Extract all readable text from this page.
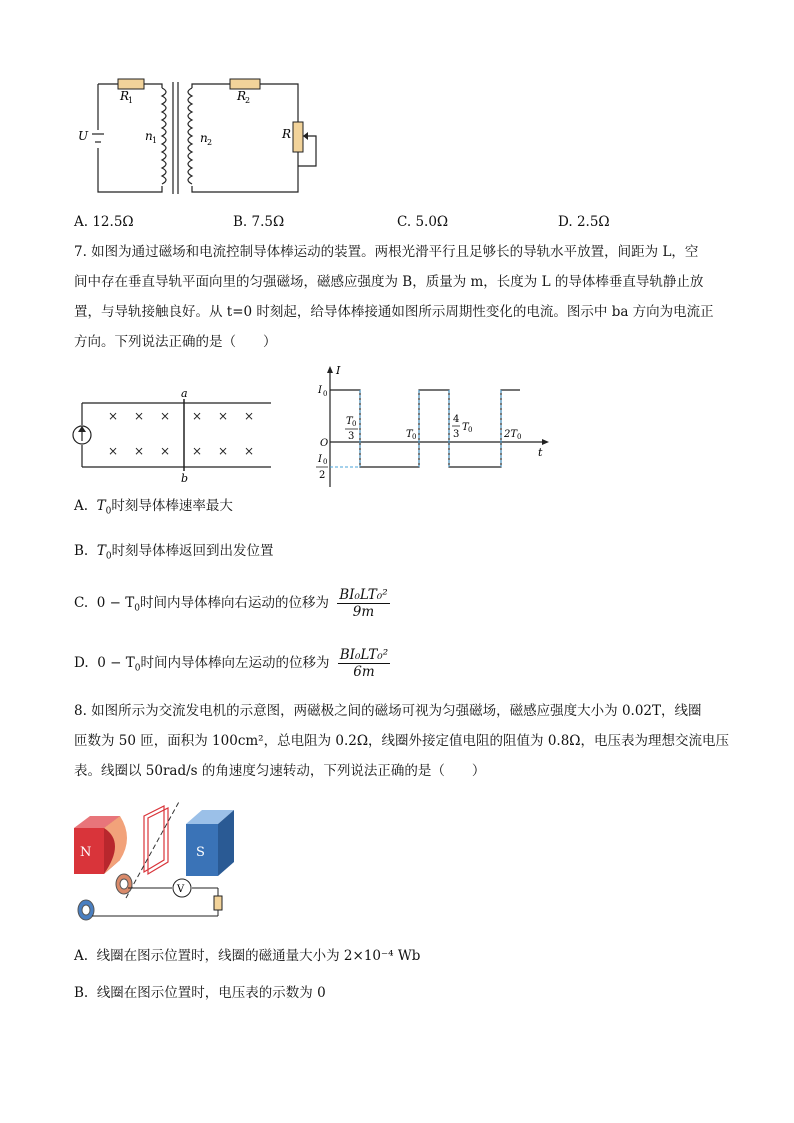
R
1	R
2
U	n 1	n 2
R
A. 12.5Ω	B. 7.5Ω	C. 5.0Ω	D. 2.5Ω
7. 如图为通过磁场和电流控制导体棒运动的装置。两根光滑平行且足够长的导轨水平放置，间距为 L，空
间中存在垂直导轨平面向里的匀强磁场，磁感应强度为 B，质量为 m，长度为 L 的导体棒垂直导轨静止放
置，与导轨接触良好。从 t=0 时刻起，给导体棒接通如图所示周期性变化的电流。图示中 ba 方向为电流正
方向。下列说法正确的是（　　）
× × × × × ×
× × × × × ×
a
b
I
I 0
O
t
T 0
3	T 0
4
3
T 0	2T 0
I 0
2
A. $T_0$时刻导体棒速率最大
B. $T_0$时刻导体棒返回到出发位置
C. $0 - T_0$时间内导体棒向右运动的位移为 $\frac{\text{BI₀LT₀²}}{9m}$
D. $0 - T_0$时间内导体棒向左运动的位移为 $\frac{\text{BI₀LT₀²}}{6m}$
8. 如图所示为交流发电机的示意图，两磁极之间的磁场可视为匀强磁场，磁感应强度大小为 0.02T，线圈
匝数为 50 匝，面积为 100cm²，总电阻为 0.2Ω，线圈外接定值电阻的阻值为 0.8Ω，电压表为理想交流电压
表。线圈以 50rad/s 的角速度匀速转动，下列说法正确的是（　　）
N	S
V
A. 线圈在图示位置时，线圈的磁通量大小为 2×10⁻⁴ Wb
B. 线圈在图示位置时，电压表的示数为 0
